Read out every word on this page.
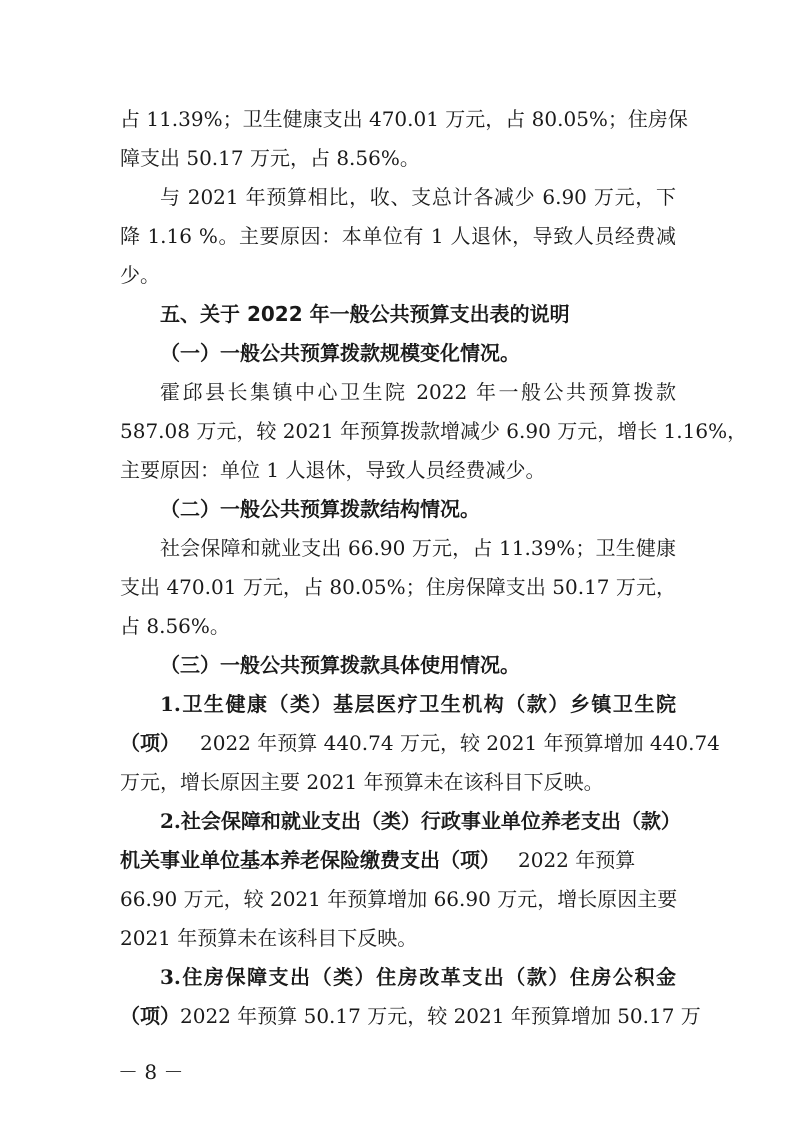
占 11.39%；卫生健康支出 470.01 万元，占 80.05%；住房保
障支出 50.17 万元，占 8.56%。
与 2021 年预算相比，收、支总计各减少 6.90 万元，下
降 1.16 %。主要原因：本单位有 1 人退休，导致人员经费减
少。
五、关于 2022 年一般公共预算支出表的说明
（一）一般公共预算拨款规模变化情况。
霍邱县长集镇中心卫生院 2022 年一般公共预算拨款
587.08 万元，较 2021 年预算拨款增减少 6.90 万元，增长 1.16%，
主要原因：单位 1 人退休，导致人员经费减少。
（二）一般公共预算拨款结构情况。
社会保障和就业支出 66.90 万元，占 11.39%；卫生健康
支出 470.01 万元，占 80.05%；住房保障支出 50.17 万元，
占 8.56%。
（三）一般公共预算拨款具体使用情况。
1.卫生健康（类）基层医疗卫生机构（款）乡镇卫生院
（项） 2022 年预算 440.74 万元，较 2021 年预算增加 440.74
万元，增长原因主要 2021 年预算未在该科目下反映。
2.社会保障和就业支出（类）行政事业单位养老支出（款）
机关事业单位基本养老保险缴费支出（项） 2022 年预算
66.90 万元，较 2021 年预算增加 66.90 万元，增长原因主要
2021 年预算未在该科目下反映。
3.住房保障支出（类）住房改革支出（款）住房公积金
（项）2022 年预算 50.17 万元，较 2021 年预算增加 50.17 万
－ 8 －
